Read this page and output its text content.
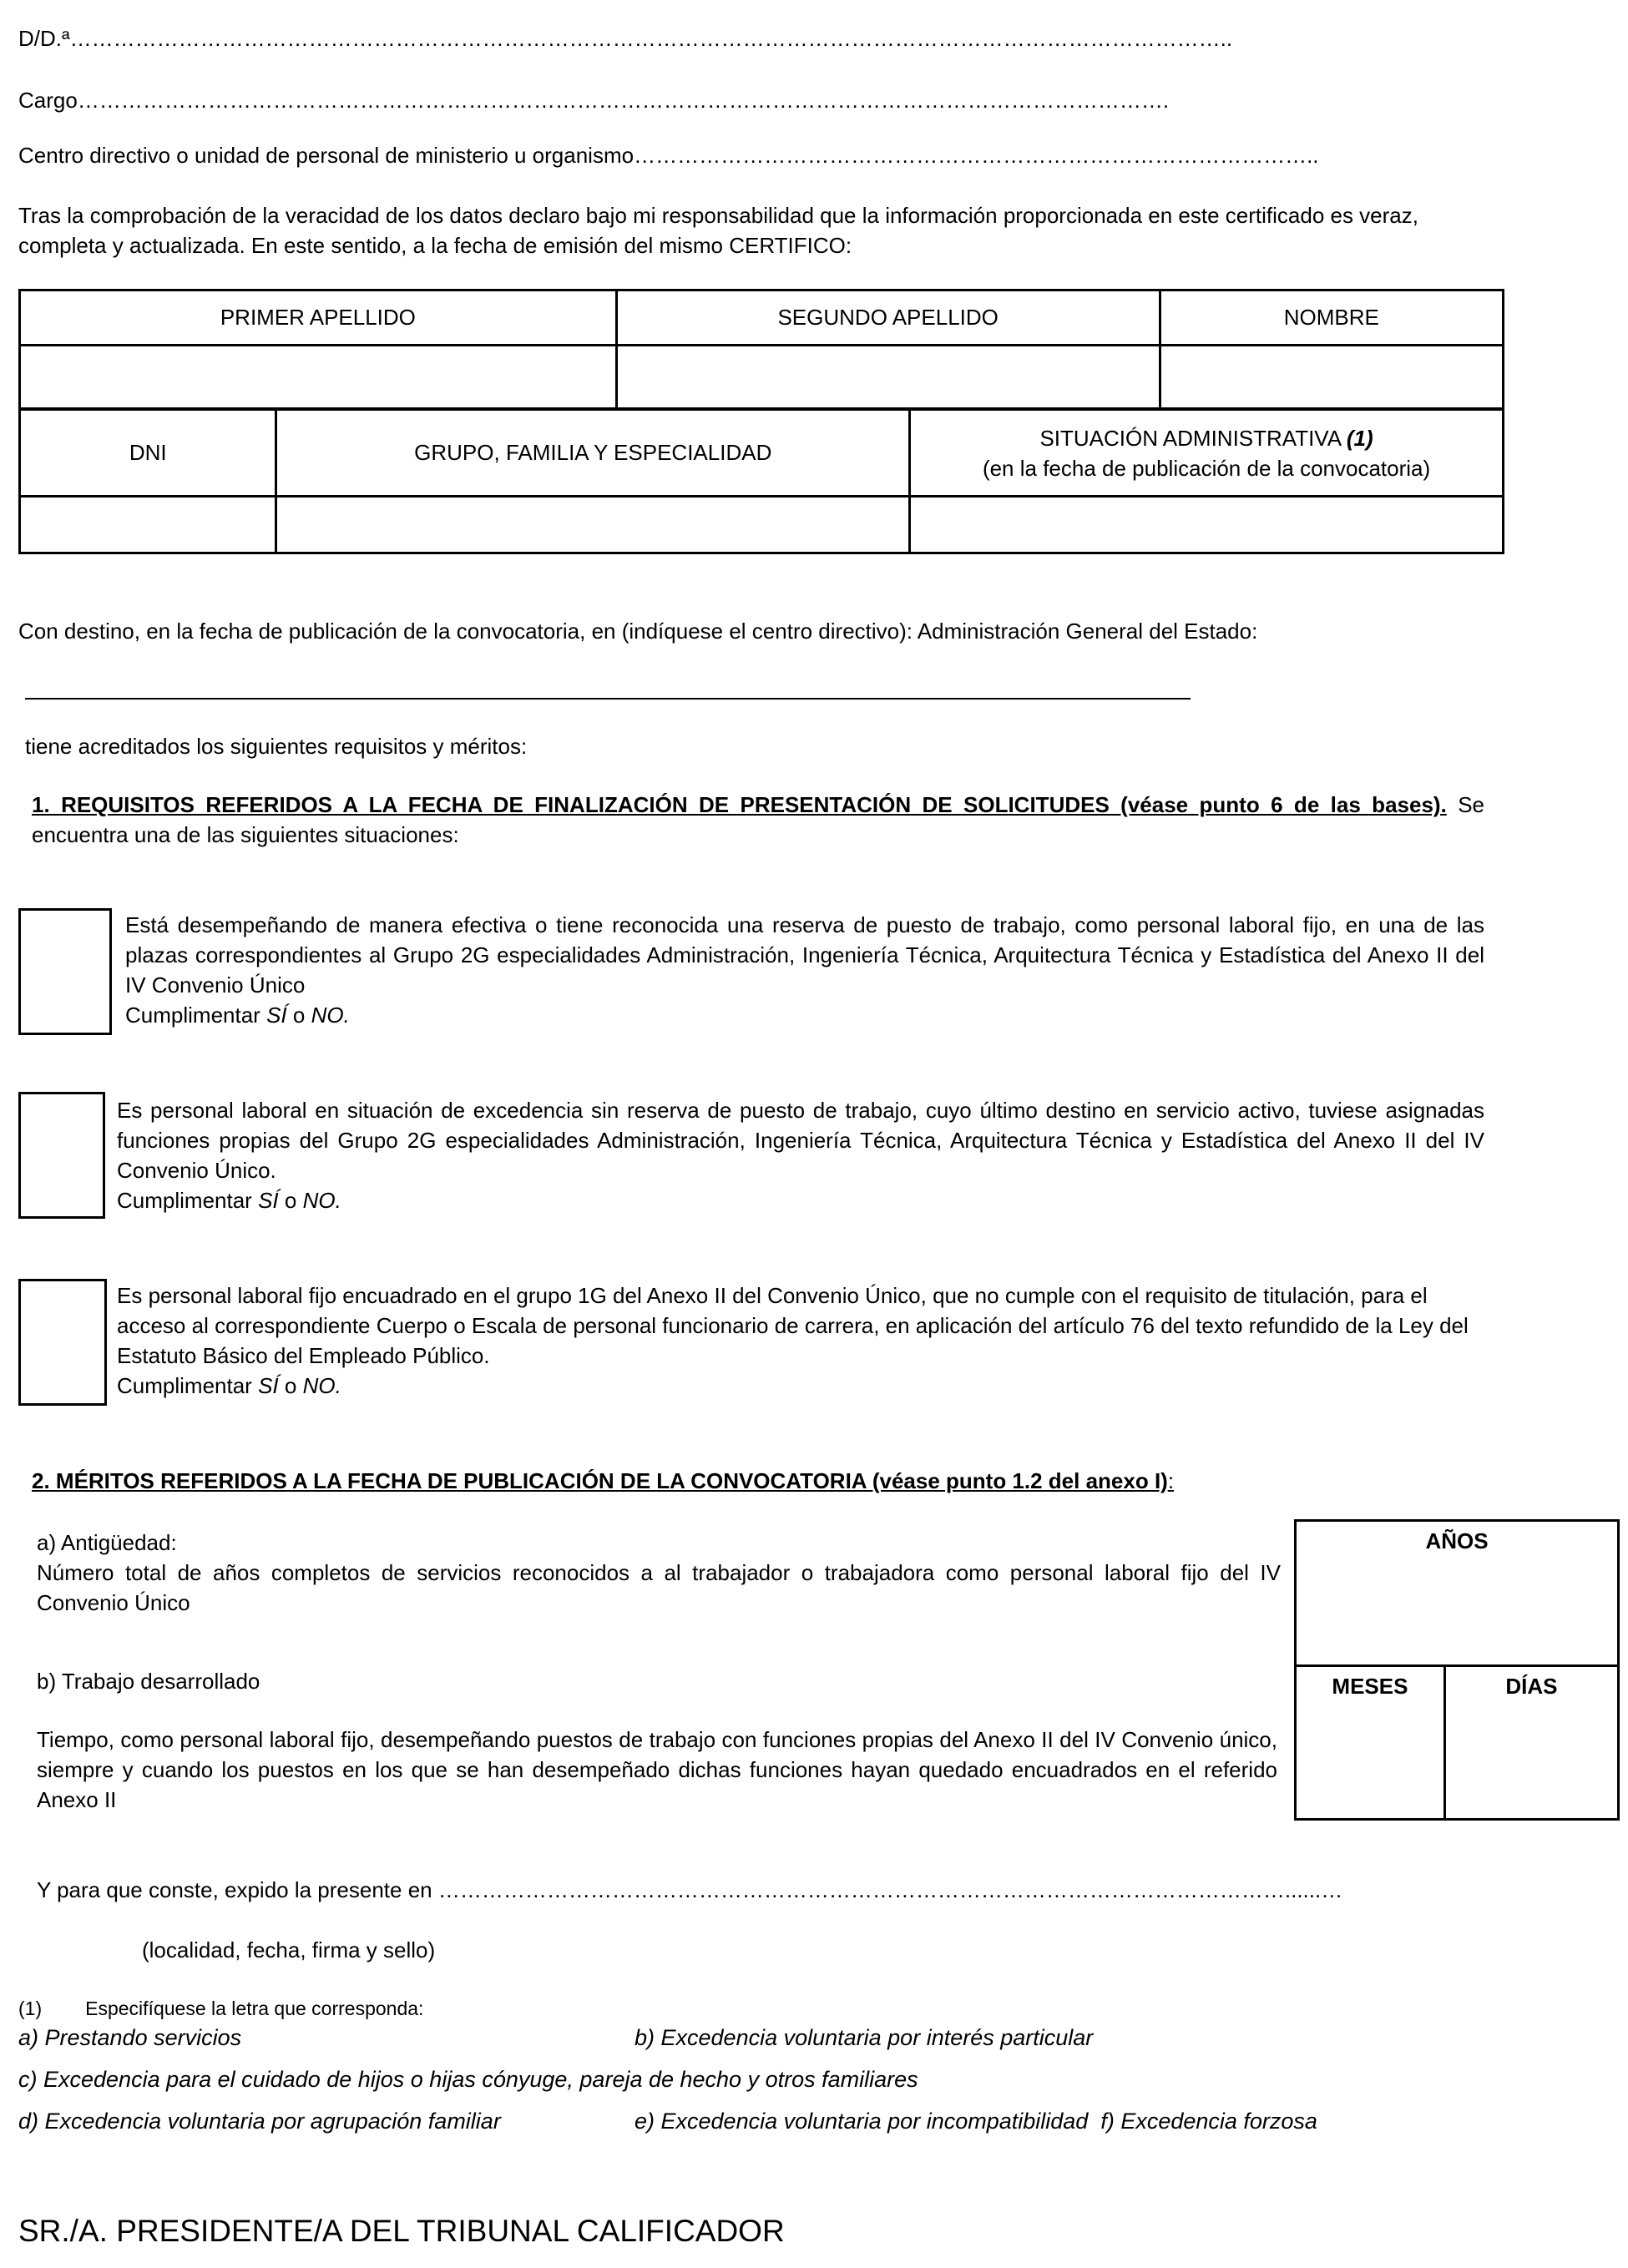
D/D.ª……………………………………………………………………………………………………………………………………………..
Cargo…………………………………………………………………………………………………………………………………….
Centro directivo o unidad de personal de ministerio u organismo…………………………………………………………………………………..
Tras la comprobación de la veracidad de los datos declaro bajo mi responsabilidad que la información proporcionada en este certificado es veraz, completa y actualizada. En este sentido, a la fecha de emisión del mismo CERTIFICO:
PRIMER APELLIDO	SEGUNDO APELLIDO	NOMBRE

DNI	GRUPO, FAMILIA Y ESPECIALIDAD	SITUACIÓN ADMINISTRATIVA (1)
(en la fecha de publicación de la convocatoria)

Con destino, en la fecha de publicación de la convocatoria, en (indíquese el centro directivo): Administración General del Estado:
tiene acreditados los siguientes requisitos y méritos:
1. REQUISITOS REFERIDOS A LA FECHA DE FINALIZACIÓN DE PRESENTACIÓN DE SOLICITUDES (véase punto 6 de las bases). Se encuentra una de las siguientes situaciones:
Está desempeñando de manera efectiva o tiene reconocida una reserva de puesto de trabajo, como personal laboral fijo, en una de las plazas correspondientes al Grupo 2G especialidades Administración, Ingeniería Técnica, Arquitectura Técnica y Estadística del Anexo II del IV Convenio Único
Cumplimentar SÍ o NO.
Es personal laboral en situación de excedencia sin reserva de puesto de trabajo, cuyo último destino en servicio activo, tuviese asignadas funciones propias del Grupo 2G especialidades Administración, Ingeniería Técnica, Arquitectura Técnica y Estadística del Anexo II del IV Convenio Único.
Cumplimentar SÍ o NO.
Es personal laboral fijo encuadrado en el grupo 1G del Anexo II del Convenio Único, que no cumple con el requisito de titulación, para el acceso al correspondiente Cuerpo o Escala de personal funcionario de carrera, en aplicación del artículo 76 del texto refundido de la Ley del Estatuto Básico del Empleado Público.
Cumplimentar SÍ o NO.
2. MÉRITOS REFERIDOS A LA FECHA DE PUBLICACIÓN DE LA CONVOCATORIA (véase punto 1.2 del anexo I):
a) Antigüedad:
Número total de años completos de servicios reconocidos a al trabajador o trabajadora como personal laboral fijo del IV Convenio Único
b) Trabajo desarrollado
Tiempo, como personal laboral fijo, desempeñando puestos de trabajo con funciones propias del Anexo II del IV Convenio único, siempre y cuando los puestos en los que se han desempeñado dichas funciones hayan quedado encuadrados en el referido Anexo II
AÑOS
MESES	DÍAS
Y para que conste, expido la presente en ………………………………………………………………………………………………………......…
(localidad, fecha, firma y sello)
(1) Especifíquese la letra que corresponda:
a) Prestando servicios	b) Excedencia voluntaria por interés particular
c) Excedencia para el cuidado de hijos o hijas cónyuge, pareja de hecho y otros familiares
d) Excedencia voluntaria por agrupación familiar	e) Excedencia voluntaria por incompatibilidad f) Excedencia forzosa
SR./A. PRESIDENTE/A DEL TRIBUNAL CALIFICADOR
